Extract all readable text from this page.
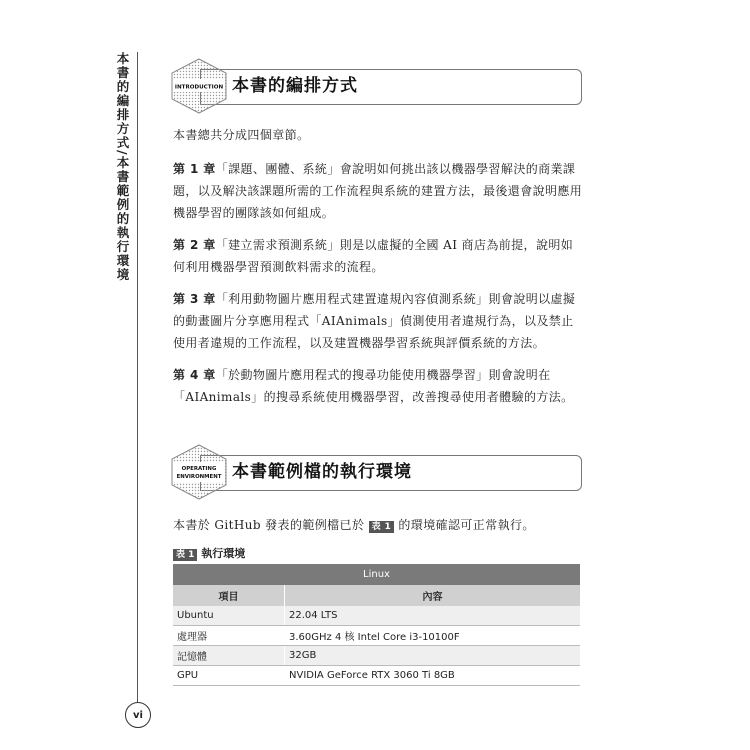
本書的編排方式/本書範例的執行環境
vi
INTRODUCTION 本書的編排方式
本書總共分成四個章節。
第 1 章「課題、團體、系統」會說明如何挑出該以機器學習解決的商業課題，以及解決該課題所需的工作流程與系統的建置方法，最後還會說明應用機器學習的團隊該如何組成。
第 2 章「建立需求預測系統」則是以虛擬的全國 AI 商店為前提，說明如何利用機器學習預測飲料需求的流程。
第 3 章「利用動物圖片應用程式建置違規內容偵測系統」則會說明以虛擬的動畫圖片分享應用程式「AIAnimals」偵測使用者違規行為，以及禁止使用者違規的工作流程，以及建置機器學習系統與評價系統的方法。
第 4 章「於動物圖片應用程式的搜尋功能使用機器學習」則會說明在「AIAnimals」的搜尋系統使用機器學習，改善搜尋使用者體驗的方法。
OPERATING
ENVIRONMENT 本書範例檔的執行環境
本書於 GitHub 發表的範例檔已於 表 1 的環境確認可正常執行。
表 1 執行環境
Linux	
項目	內容
Ubuntu	22.04 LTS
處理器	3.60GHz 4 核 Intel Core i3-10100F
記憶體	32GB
GPU	NVIDIA GeForce RTX 3060 Ti 8GB
